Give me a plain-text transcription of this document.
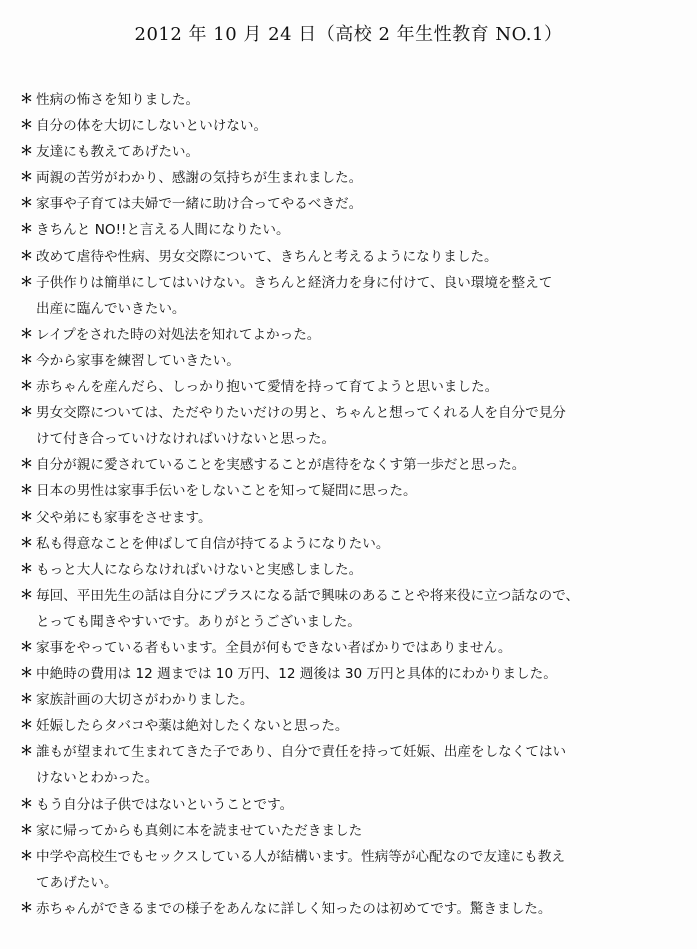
2012 年 10 月 24 日（高校 2 年生性教育 NO.1）
＊ 性病の怖さを知りました。
＊ 自分の体を大切にしないといけない。
＊ 友達にも教えてあげたい。
＊ 両親の苦労がわかり、感謝の気持ちが生まれました。
＊ 家事や子育ては夫婦で一緒に助け合ってやるべきだ。
＊ きちんと NO!!と言える人間になりたい。
＊ 改めて虐待や性病、男女交際について、きちんと考えるようになりました。
＊ 子供作りは簡単にしてはいけない。きちんと経済力を身に付けて、良い環境を整えて
出産に臨んでいきたい。
＊ レイプをされた時の対処法を知れてよかった。
＊ 今から家事を練習していきたい。
＊ 赤ちゃんを産んだら、しっかり抱いて愛情を持って育てようと思いました。
＊ 男女交際については、ただやりたいだけの男と、ちゃんと想ってくれる人を自分で見分
けて付き合っていけなければいけないと思った。
＊ 自分が親に愛されていることを実感することが虐待をなくす第一歩だと思った。
＊ 日本の男性は家事手伝いをしないことを知って疑問に思った。
＊ 父や弟にも家事をさせます。
＊ 私も得意なことを伸ばして自信が持てるようになりたい。
＊ もっと大人にならなければいけないと実感しました。
＊ 毎回、平田先生の話は自分にプラスになる話で興味のあることや将来役に立つ話なので、
とっても聞きやすいです。ありがとうございました。
＊ 家事をやっている者もいます。全員が何もできない者ばかりではありません。
＊ 中絶時の費用は 12 週までは 10 万円、12 週後は 30 万円と具体的にわかりました。
＊ 家族計画の大切さがわかりました。
＊ 妊娠したらタバコや薬は絶対したくないと思った。
＊ 誰もが望まれて生まれてきた子であり、自分で責任を持って妊娠、出産をしなくてはい
けないとわかった。
＊ もう自分は子供ではないということです。
＊ 家に帰ってからも真剣に本を読ませていただきました
＊ 中学や高校生でもセックスしている人が結構います。性病等が心配なので友達にも教え
てあげたい。
＊ 赤ちゃんができるまでの様子をあんなに詳しく知ったのは初めてです。驚きました。
